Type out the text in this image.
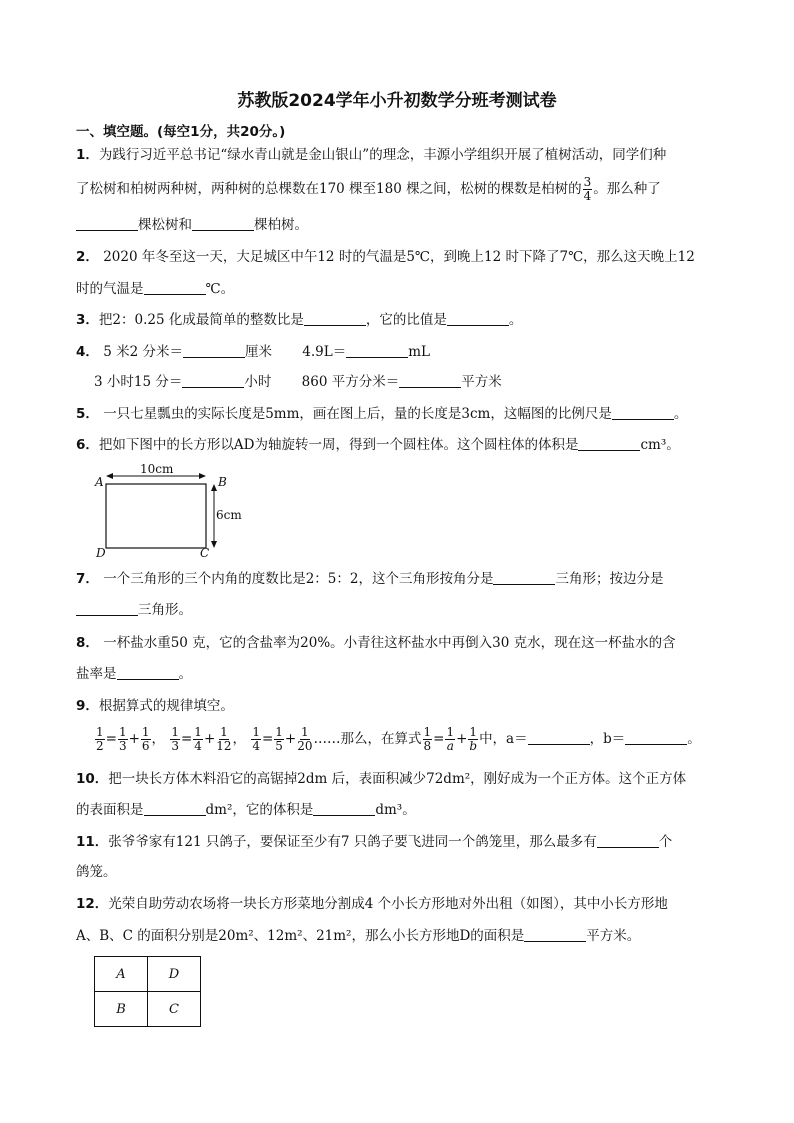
苏教版2024学年小升初数学分班考测试卷
一、填空题。(每空1分，共20分。)
1．为践行习近平总书记“绿水青山就是金山银山”的理念，丰源小学组织开展了植树活动，同学们种
了松树和柏树两种树，两种树的总棵数在170 棵至180 棵之间，松树的棵数是柏树的 $\frac{3}{4}$ 。那么种了
棵松树和	棵柏树。
2． 2020 年冬至这一天，大足城区中午12 时的气温是5℃，到晚上12 时下降了7℃，那么这天晚上12
时的气温是	℃。
3．把2：0.25 化成最简单的整数比是	，它的比值是	。
4． 5 米2 分米＝	厘米 4.9L＝	mL
3 小时15 分＝	小时 860 平方分米＝	平方米
5． 一只七星瓢虫的实际长度是5mm，画在图上后，量的长度是3cm，这幅图的比例尺是	。
6．把如下图中的长方形以AD为轴旋转一周，得到一个圆柱体。这个圆柱体的体积是	cm³。
10cm
6cm
A	B
C
D
7． 一个三角形的三个内角的度数比是2：5：2，这个三角形按角分是	三角形；按边分是
三角形。
8． 一杯盐水重50 克，它的含盐率为20%。小青往这杯盐水中再倒入30 克水，现在这一杯盐水的含
盐率是	。
9．根据算式的规律填空。
$\frac{1}{2} = \frac{1}{3} + \frac{1}{6}$ ， $\frac{1}{3} = \frac{1}{4} + \frac{1}{12}$ ， $\frac{1}{4} = \frac{1}{5} + \frac{1}{20}$ ……那么，在算式 $\frac{1}{8} = \frac{1}{a} + \frac{1}{b}$ 中，a＝	，b＝	。
10．把一块长方体木料沿它的高锯掉2dm 后，表面积减少72dm²，刚好成为一个正方体。这个正方体
的表面积是	dm²，它的体积是	dm³。
11．张爷爷家有121 只鸽子，要保证至少有7 只鸽子要飞进同一个鸽笼里，那么最多有	个
鸽笼。
12．光荣自助劳动农场将一块长方形菜地分割成4 个小长方形地对外出租（如图），其中小长方形地
A、B、C 的面积分别是20m²、12m²、21m²，那么小长方形地D的面积是	平方米。
A	D
B	C
